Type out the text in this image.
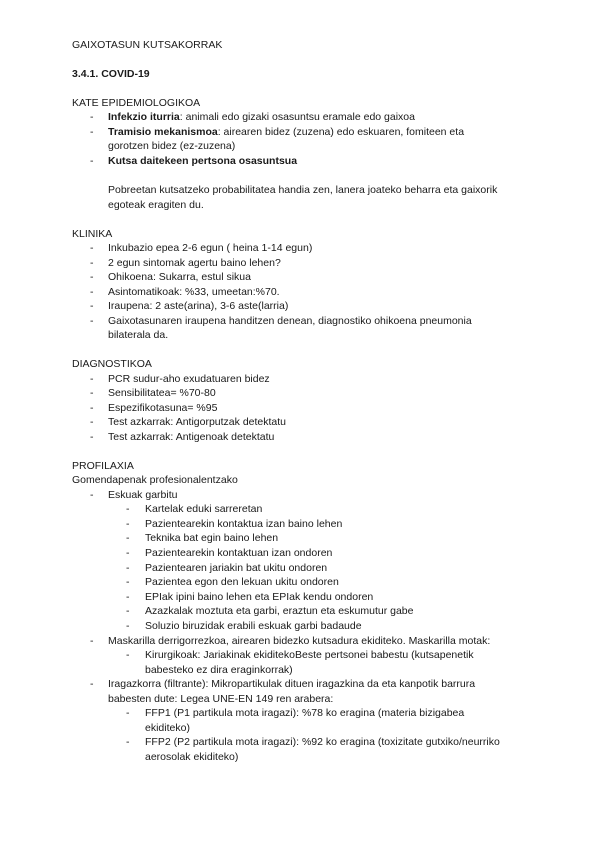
GAIXOTASUN KUTSAKORRAK
3.4.1. COVID-19
KATE EPIDEMIOLOGIKOA
- Infekzio iturria: animali edo gizaki osasuntsu eramale edo gaixoa
- Tramisio mekanismoa: airearen bidez (zuzena) edo eskuaren, fomiteen eta
gorotzen bidez (ez-zuzena)
- Kutsa daitekeen pertsona osasuntsua
Pobreetan kutsatzeko probabilitatea handia zen, lanera joateko beharra eta gaixorik
egoteak eragiten du.
KLINIKA
- Inkubazio epea 2-6 egun ( heina 1-14 egun)
- 2 egun sintomak agertu baino lehen?
- Ohikoena: Sukarra, estul sikua
- Asintomatikoak: %33, umeetan:%70.
- Iraupena: 2 aste(arina), 3-6 aste(larria)
- Gaixotasunaren iraupena handitzen denean, diagnostiko ohikoena pneumonia
bilaterala da.
DIAGNOSTIKOA
- PCR sudur-aho exudatuaren bidez
- Sensibilitatea= %70-80
- Espezifikotasuna= %95
- Test azkarrak: Antigorputzak detektatu
- Test azkarrak: Antigenoak detektatu
PROFILAXIA
Gomendapenak profesionalentzako
- Eskuak garbitu
- Kartelak eduki sarreretan
- Pazientearekin kontaktua izan baino lehen
- Teknika bat egin baino lehen
- Pazientearekin kontaktuan izan ondoren
- Pazientearen jariakin bat ukitu ondoren
- Pazientea egon den lekuan ukitu ondoren
- EPIak ipini baino lehen eta EPIak kendu ondoren
- Azazkalak moztuta eta garbi, eraztun eta eskumutur gabe
- Soluzio biruzidak erabili eskuak garbi badaude
- Maskarilla derrigorrezkoa, airearen bidezko kutsadura ekiditeko. Maskarilla motak:
- Kirurgikoak: Jariakinak ekiditekoBeste pertsonei babestu (kutsapenetik
babesteko ez dira eraginkorrak)
- Iragazkorra (filtrante): Mikropartikulak dituen iragazkina da eta kanpotik barrura
babesten dute: Legea UNE-EN 149 ren arabera:
- FFP1 (P1 partikula mota iragazi): %78 ko eragina (materia bizigabea
ekiditeko)
- FFP2 (P2 partikula mota iragazi): %92 ko eragina (toxizitate gutxiko/neurriko
aerosolak ekiditeko)
